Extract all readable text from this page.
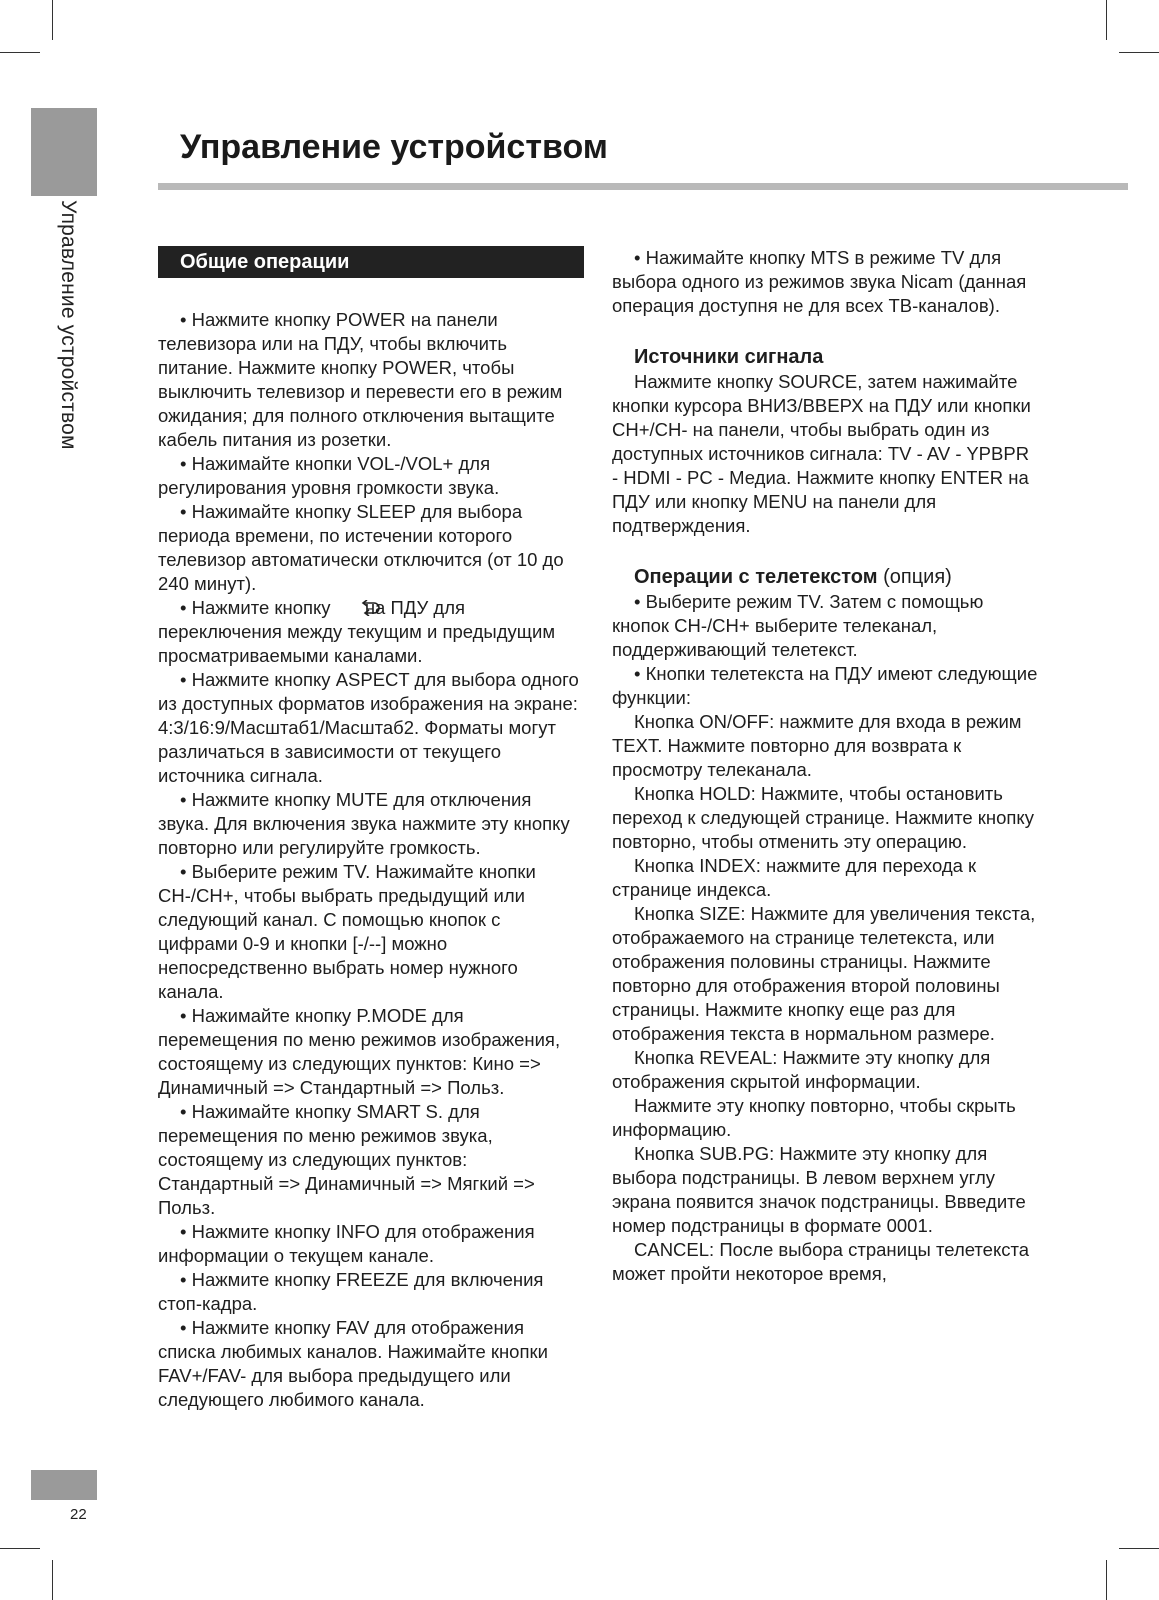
Управление устройством
22
Управление устройством
Общие операции

• Нажмите кнопку POWER на панели телевизора или на ПДУ, чтобы включить питание. Нажмите кнопку POWER, чтобы выключить телевизор и перевести его в режим ожидания; для полного отключения вытащите кабель питания из розетки.

• Нажимайте кнопки VOL-/VOL+ для регулирования уровня громкости звука.

• Нажимайте кнопку SLEEP для выбора периода времени, по истечении которого телевизор автоматически отключится (от 10 до 240 минут).

• Нажмите кнопку на ПДУ для переключения между текущим и предыдущим просматриваемыми каналами.

• Нажмите кнопку ASPECT для выбора одного из доступных форматов изображения на экране: 4:3/16:9/Масштаб1/Масштаб2. Форматы могут различаться в зависимости от текущего источника сигнала.

• Нажмите кнопку MUTE для отключения звука. Для включения звука нажмите эту кнопку повторно или регулируйте громкость.

• Выберите режим TV. Нажимайте кнопки CH-/CH+, чтобы выбрать предыдущий или следующий канал. С помощью кнопок с цифрами 0-9 и кнопки [-/--] можно непосредственно выбрать номер нужного канала.

• Нажимайте кнопку P.MODE для перемещения по меню режимов изображения, состоящему из следующих пунктов: Кино => Динамичный => Стандартный => Польз.

• Нажимайте кнопку SMART S. для перемещения по меню режимов звука, состоящему из следующих пунктов: Стандартный => Динамичный => Мягкий => Польз.

• Нажмите кнопку INFO для отображения информации о текущем канале.

• Нажмите кнопку FREEZE для включения стоп-кадра.

• Нажмите кнопку FAV для отображения списка любимых каналов. Нажимайте кнопки FAV+/FAV- для выбора предыдущего или следующего любимого канала.

• Нажимайте кнопку MTS в режиме TV для выбора одного из режимов звука Nicam (данная операция доступня не для всех ТВ-каналов).

Источники сигнала

Нажмите кнопку SOURCE, затем нажимайте кнопки курсора ВНИЗ/ВВЕРХ на ПДУ или кнопки CH+/CH- на панели, чтобы выбрать один из доступных источников сигнала: TV - AV - YPBPR - HDMI - PC - Медиа. Нажмите кнопку ENTER на ПДУ или кнопку MENU на панели для подтверждения.

Операции с телетекстом (опция)

• Выберите режим TV. Затем с помощью кнопок CH-/CH+ выберите телеканал, поддерживающий телетекст.

• Кнопки телетекста на ПДУ имеют следующие функции:

Кнопка ON/OFF: нажмите для входа в режим TEXT. Нажмите повторно для возврата к просмотру телеканала.

Кнопка HOLD: Нажмите, чтобы остановить переход к следующей странице. Нажмите кнопку повторно, чтобы отменить эту операцию.

Кнопка INDEX: нажмите для перехода к странице индекса.

Кнопка SIZE: Нажмите для увеличения текста, отображаемого на странице телетекста, или отображения половины страницы. Нажмите повторно для отображения второй половины страницы. Нажмите кнопку еще раз для отображения текста в нормальном размере.

Кнопка REVEAL: Нажмите эту кнопку для отображения скрытой информации.

Нажмите эту кнопку повторно, чтобы скрыть информацию.

Кнопка SUB.PG: Нажмите эту кнопку для выбора подстраницы. В левом верхнем углу экрана появится значок подстраницы. Ввведите номер подстраницы в формате 0001.

CANCEL: После выбора страницы телетекста может пройти некоторое время,
